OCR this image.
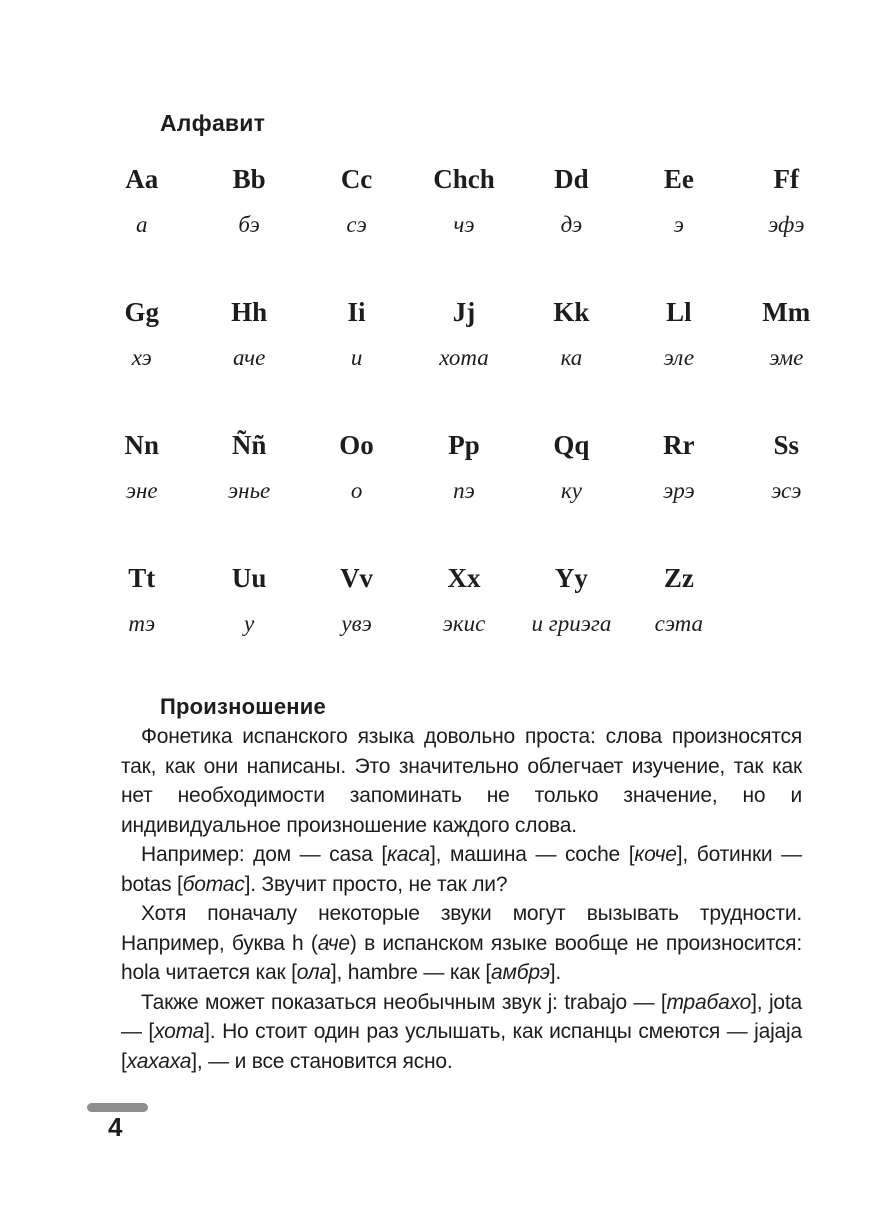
Алфавит
Aa
а
Bb
бэ
Cc
сэ
Chch
чэ
Dd
дэ
Ee
э
Ff
эфэ
Gg
хэ
Hh
аче
Ii
и
Jj
хота
Kk
ка
Ll
эле
Mm
эме
Nn
эне
Ññ
энье
Oo
о
Pp
пэ
Qq
ку
Rr
эрэ
Ss
эсэ
Tt
тэ
Uu
у
Vv
увэ
Xx
экис
Yy
и гриэга
Zz
сэта
Произношение

Фонетика испанского языка довольно проста: слова произносятся так, как они написаны. Это значительно облегчает изучение, так как нет необходимости запоминать не только значение, но и индивидуальное произношение каждого слова.

Например: дом — casa [каса], машина — coche [коче], ботинки — botas [ботас]. Звучит просто, не так ли?

Хотя поначалу некоторые звуки могут вызывать трудности. Например, буква h (аче) в испанском языке вообще не произносится: hola читается как [ола], hambre — как [амбрэ].

Также может показаться необычным звук j: trabajo — [трабахо], jota — [хота]. Но стоит один раз услышать, как испанцы смеются — jajaja [хахаха], — и все становится ясно.

4
